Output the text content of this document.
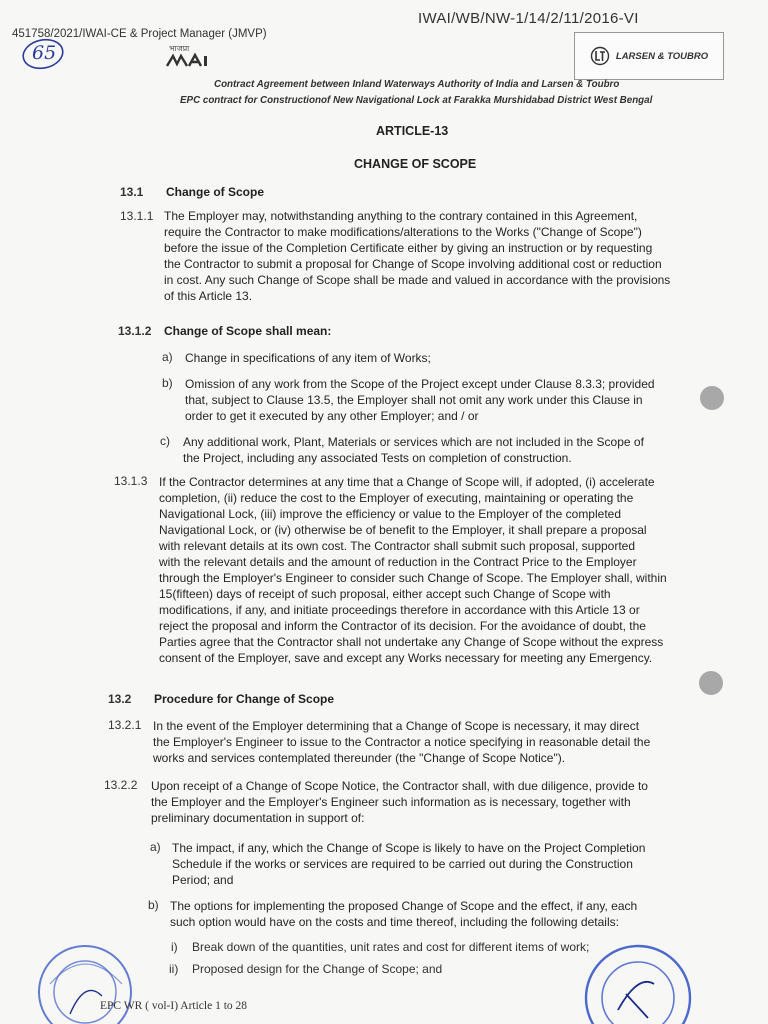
IWAI/WB/NW-1/14/2/11/2016-VI
451758/2021/IWAI-CE & Project Manager (JMVP)
65	भाजप्रा
LARSEN & TOUBRO
Contract Agreement between Inland Waterways Authority of India and Larsen & Toubro
EPC contract for Constructionof New Navigational Lock at Farakka Murshidabad District West Bengal
ARTICLE-13
CHANGE OF SCOPE
13.1 Change of Scope
13.1.1 The Employer may, notwithstanding anything to the contrary contained in this Agreement,
require the Contractor to make modifications/alterations to the Works ("Change of Scope")
before the issue of the Completion Certificate either by giving an instruction or by requesting
the Contractor to submit a proposal for Change of Scope involving additional cost or reduction
in cost. Any such Change of Scope shall be made and valued in accordance with the provisions
of this Article 13.
13.1.2 Change of Scope shall mean:
a) Change in specifications of any item of Works;
b) Omission of any work from the Scope of the Project except under Clause 8.3.3; provided
that, subject to Clause 13.5, the Employer shall not omit any work under this Clause in
order to get it executed by any other Employer; and / or
c) Any additional work, Plant, Materials or services which are not included in the Scope of
the Project, including any associated Tests on completion of construction.
13.1.3 If the Contractor determines at any time that a Change of Scope will, if adopted, (i) accelerate
completion, (ii) reduce the cost to the Employer of executing, maintaining or operating the
Navigational Lock, (iii) improve the efficiency or value to the Employer of the completed
Navigational Lock, or (iv) otherwise be of benefit to the Employer, it shall prepare a proposal
with relevant details at its own cost. The Contractor shall submit such proposal, supported
with the relevant details and the amount of reduction in the Contract Price to the Employer
through the Employer's Engineer to consider such Change of Scope. The Employer shall, within
15(fifteen) days of receipt of such proposal, either accept such Change of Scope with
modifications, if any, and initiate proceedings therefore in accordance with this Article 13 or
reject the proposal and inform the Contractor of its decision. For the avoidance of doubt, the
Parties agree that the Contractor shall not undertake any Change of Scope without the express
consent of the Employer, save and except any Works necessary for meeting any Emergency.
13.2 Procedure for Change of Scope
13.2.1 In the event of the Employer determining that a Change of Scope is necessary, it may direct
the Employer's Engineer to issue to the Contractor a notice specifying in reasonable detail the
works and services contemplated thereunder (the "Change of Scope Notice").
13.2.2 Upon receipt of a Change of Scope Notice, the Contractor shall, with due diligence, provide to
the Employer and the Employer's Engineer such information as is necessary, together with
preliminary documentation in support of:
a) The impact, if any, which the Change of Scope is likely to have on the Project Completion
Schedule if the works or services are required to be carried out during the Construction
Period; and
b) The options for implementing the proposed Change of Scope and the effect, if any, each
such option would have on the costs and time thereof, including the following details:
i) Break down of the quantities, unit rates and cost for different items of work;
ii) Proposed design for the Change of Scope; and
EPC WR ( vol-I) Article 1 to 28
